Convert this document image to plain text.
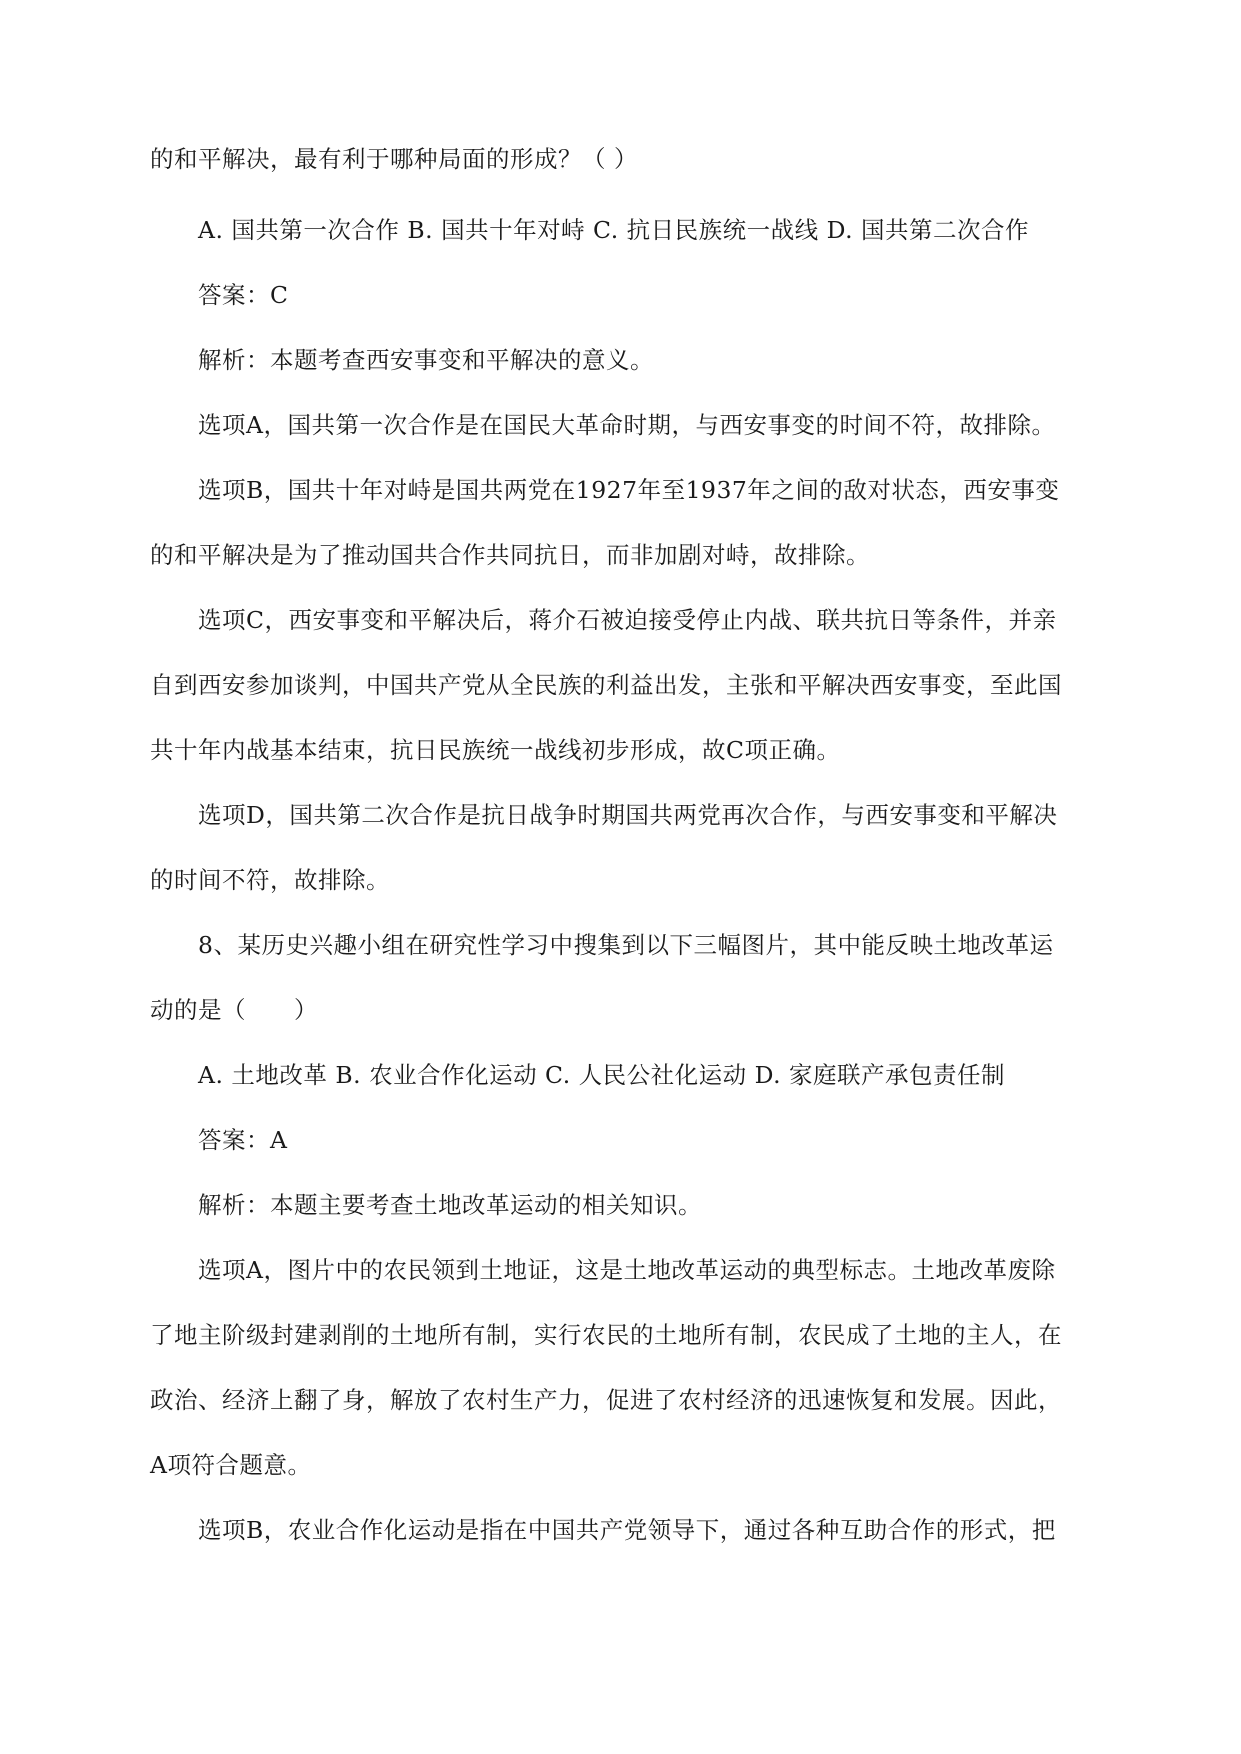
的和平解决，最有利于哪种局面的形成？（ ）
A. 国共第一次合作 B. 国共十年对峙 C. 抗日民族统一战线 D. 国共第二次合作
答案：C
解析：本题考查西安事变和平解决的意义。
选项A，国共第一次合作是在国民大革命时期，与西安事变的时间不符，故排除。
选项B，国共十年对峙是国共两党在1927年至1937年之间的敌对状态，西安事变
的和平解决是为了推动国共合作共同抗日，而非加剧对峙，故排除。
选项C，西安事变和平解决后，蒋介石被迫接受停止内战、联共抗日等条件，并亲
自到西安参加谈判，中国共产党从全民族的利益出发，主张和平解决西安事变，至此国
共十年内战基本结束，抗日民族统一战线初步形成，故C项正确。
选项D，国共第二次合作是抗日战争时期国共两党再次合作，与西安事变和平解决
的时间不符，故排除。
8、某历史兴趣小组在研究性学习中搜集到以下三幅图片，其中能反映土地改革运
动的是（　　）
A. 土地改革 B. 农业合作化运动 C. 人民公社化运动 D. 家庭联产承包责任制
答案：A
解析：本题主要考查土地改革运动的相关知识。
选项A，图片中的农民领到土地证，这是土地改革运动的典型标志。土地改革废除
了地主阶级封建剥削的土地所有制，实行农民的土地所有制，农民成了土地的主人，在
政治、经济上翻了身，解放了农村生产力，促进了农村经济的迅速恢复和发展。因此，
A项符合题意。
选项B，农业合作化运动是指在中国共产党领导下，通过各种互助合作的形式，把
